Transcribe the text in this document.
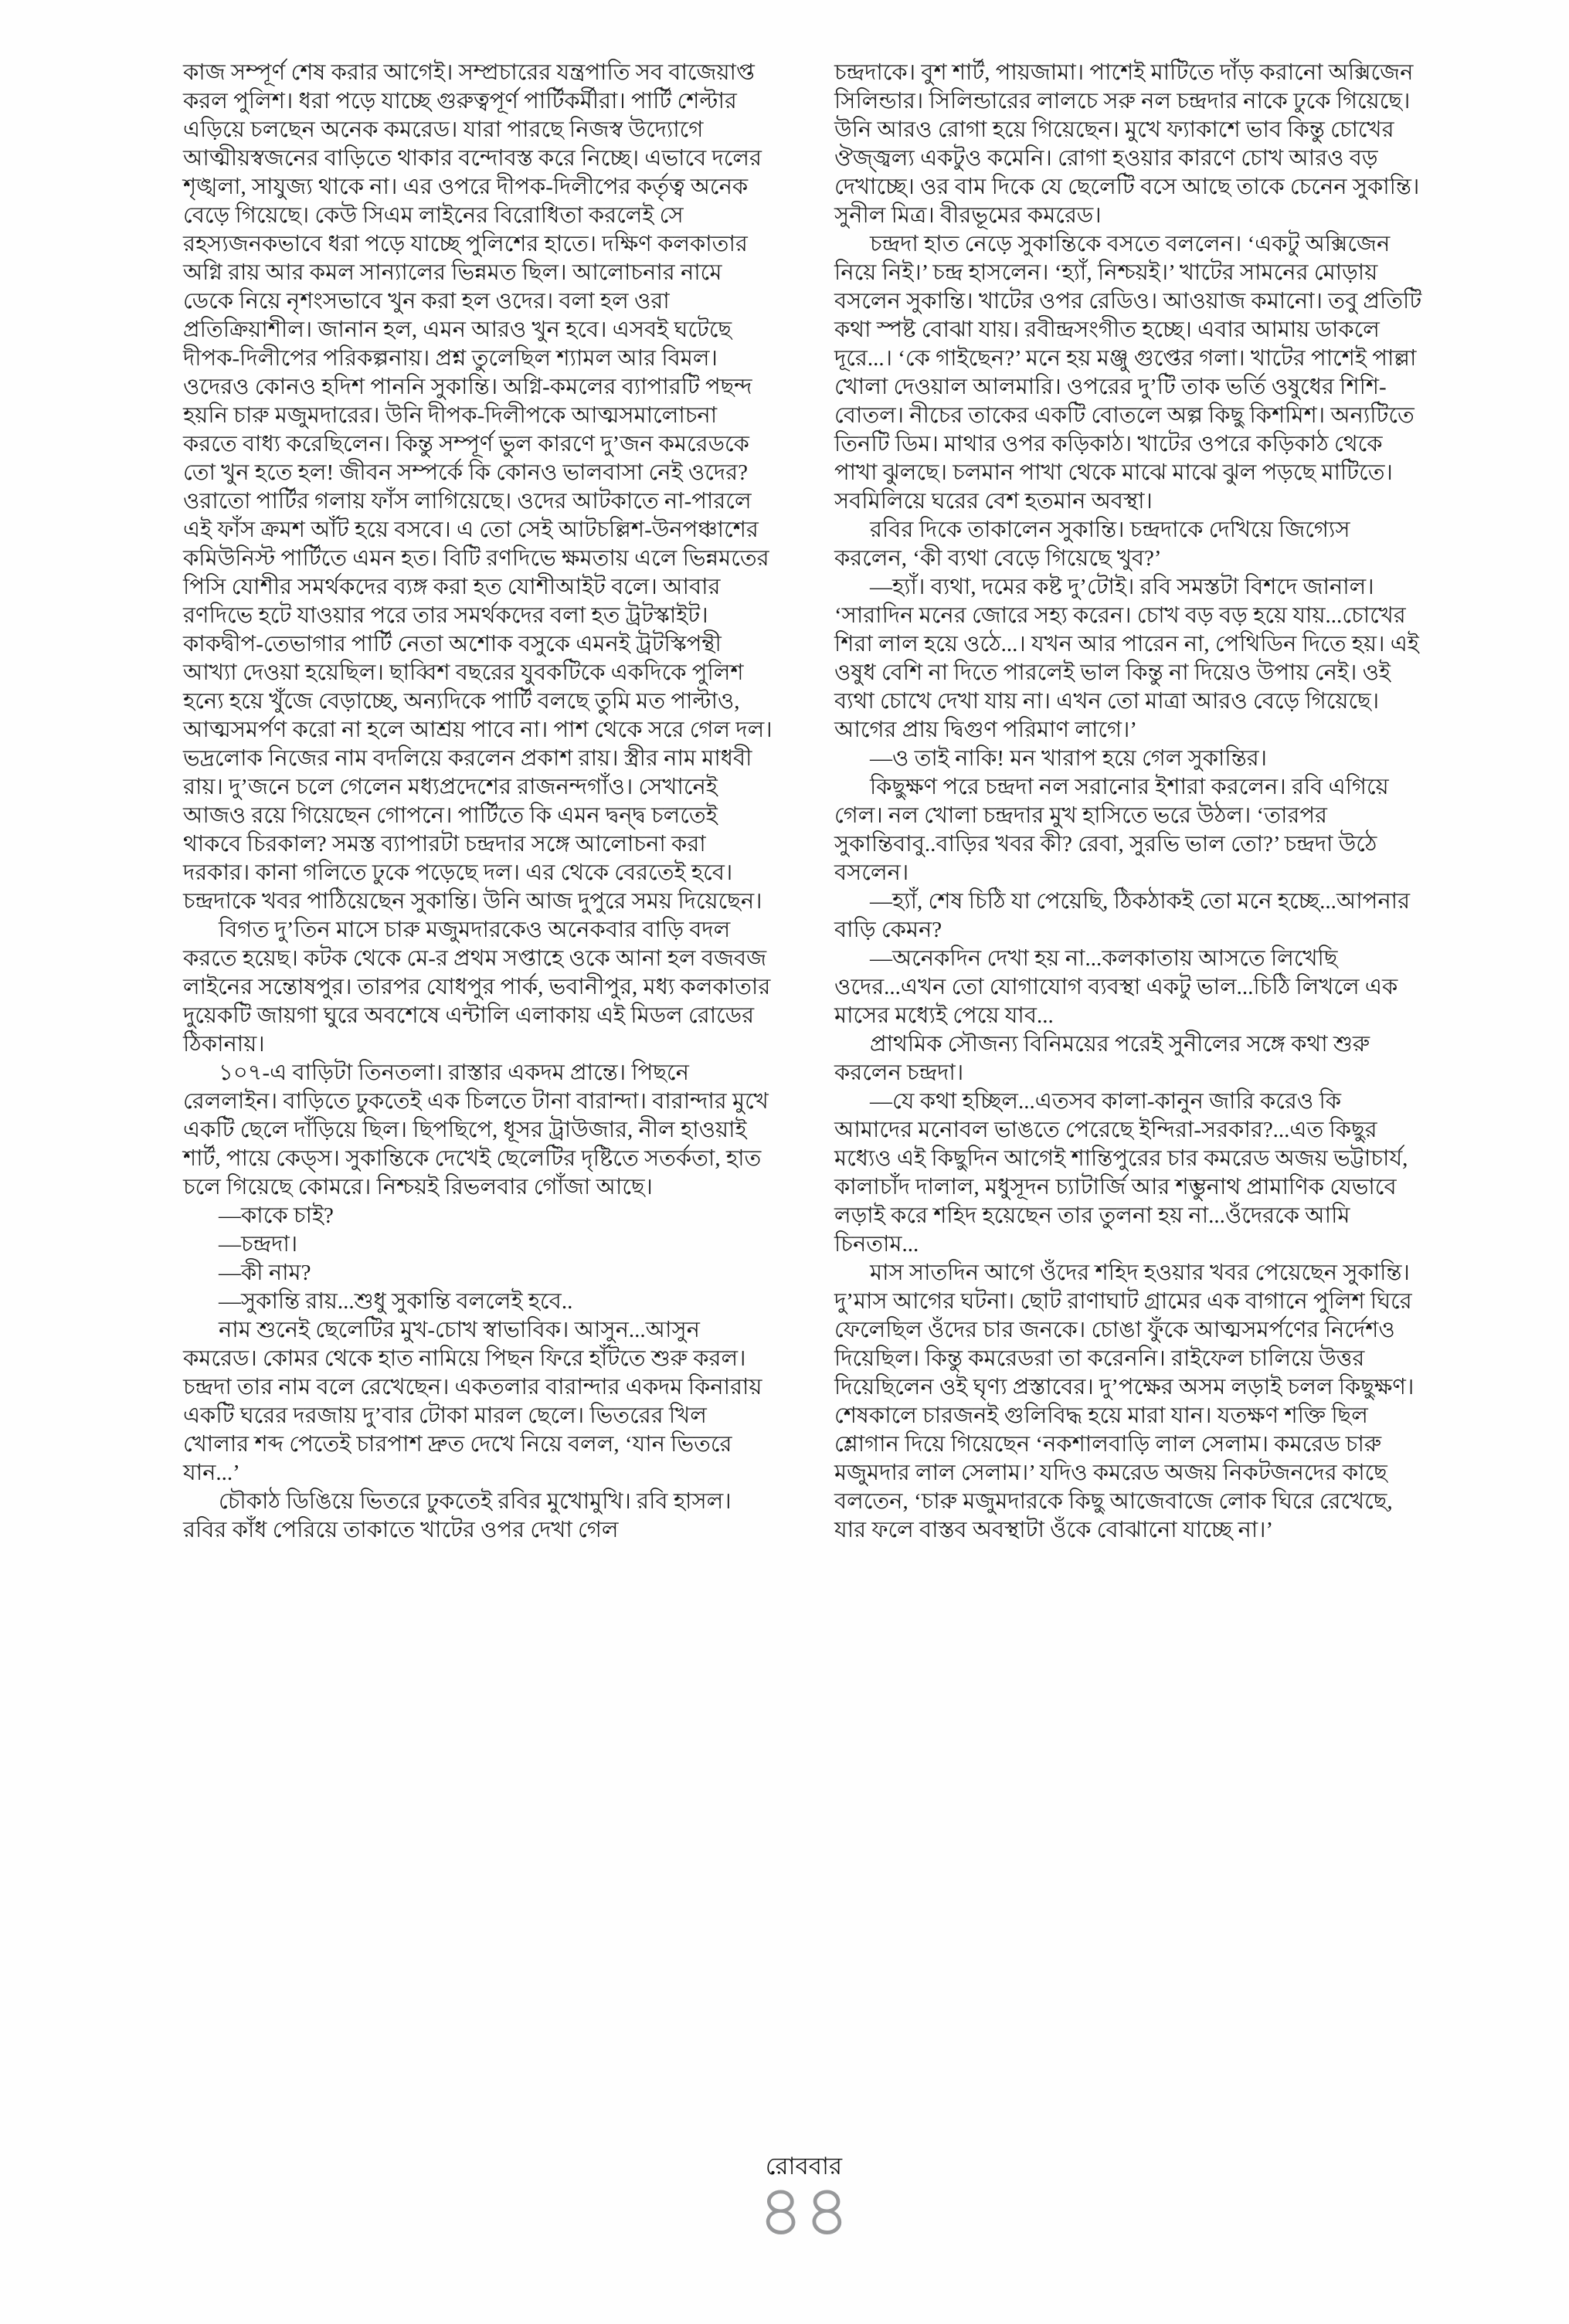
কাজ সম্পূর্ণ শেষ করার আগেই। সম্প্রচারের যন্ত্রপাতি সব বাজেয়াপ্ত করল পুলিশ। ধরা পড়ে যাচ্ছে গুরুত্বপূর্ণ পার্টিকর্মীরা। পার্টি শেল্টার এড়িয়ে চলছেন অনেক কমরেড। যারা পারছে নিজস্ব উদ্যোগে আত্মীয়স্বজনের বাড়িতে থাকার বন্দোবস্ত করে নিচ্ছে। এভাবে দলের শৃঙ্খলা, সাযুজ্য থাকে না। এর ওপরে দীপক-দিলীপের কর্তৃত্ব অনেক বেড়ে গিয়েছে। কেউ সিএম লাইনের বিরোধিতা করলেই সে রহস্যজনকভাবে ধরা পড়ে যাচ্ছে পুলিশের হাতে। দক্ষিণ কলকাতার অগ্নি রায় আর কমল সান্যালের ভিন্নমত ছিল। আলোচনার নামে ডেকে নিয়ে নৃশংসভাবে খুন করা হল ওদের। বলা হল ওরা প্রতিক্রিয়াশীল। জানান হল, এমন আরও খুন হবে। এসবই ঘটেছে দীপক-দিলীপের পরিকল্পনায়। প্রশ্ন তুলেছিল শ্যামল আর বিমল। ওদেরও কোনও হদিশ পাননি সুকান্তি। অগ্নি-কমলের ব্যাপারটি পছন্দ হয়নি চারু মজুমদারের। উনি দীপক-দিলীপকে আত্মসমালোচনা করতে বাধ্য করেছিলেন। কিন্তু সম্পূর্ণ ভুল কারণে দু’জন কমরেডকে তো খুন হতে হল! জীবন সম্পর্কে কি কোনও ভালবাসা নেই ওদের? ওরাতো পার্টির গলায় ফাঁস লাগিয়েছে। ওদের আটকাতে না-পারলে এই ফাঁস ক্রমশ আঁট হয়ে বসবে। এ তো সেই আটচল্লিশ-উনপঞ্চাশের কমিউনিস্ট পার্টিতে এমন হত। বিটি রণদিভে ক্ষমতায় এলে ভিন্নমতের পিসি যোশীর সমর্থকদের ব্যঙ্গ করা হত যোশীআইট বলে। আবার রণদিভে হটে যাওয়ার পরে তার সমর্থকদের বলা হত ট্রটস্কাইট। কাকদ্বীপ-তেভাগার পার্টি নেতা অশোক বসুকে এমনই ট্রটস্কিপন্থী আখ্যা দেওয়া হয়েছিল। ছাব্বিশ বছরের যুবকটিকে একদিকে পুলিশ হন্যে হয়ে খুঁজে বেড়াচ্ছে, অন্যদিকে পার্টি বলছে তুমি মত পাল্টাও, আত্মসমর্পণ করো না হলে আশ্রয় পাবে না। পাশ থেকে সরে গেল দল। ভদ্রলোক নিজের নাম বদলিয়ে করলেন প্রকাশ রায়। স্ত্রীর নাম মাধবী রায়। দু’জনে চলে গেলেন মধ্যপ্রদেশের রাজনন্দগাঁও। সেখানেই আজও রয়ে গিয়েছেন গোপনে। পার্টিতে কি এমন দ্বন্দ্ব চলতেই থাকবে চিরকাল? সমস্ত ব্যাপারটা চন্দ্রদার সঙ্গে আলোচনা করা দরকার। কানা গলিতে ঢুকে পড়েছে দল। এর থেকে বেরতেই হবে। চন্দ্রদাকে খবর পাঠিয়েছেন সুকান্তি। উনি আজ দুপুরে সময় দিয়েছেন।

বিগত দু’তিন মাসে চারু মজুমদারকেও অনেকবার বাড়ি বদল করতে হয়েছ। কটক থেকে মে-র প্রথম সপ্তাহে ওকে আনা হল বজবজ লাইনের সন্তোষপুর। তারপর যোধপুর পার্ক, ভবানীপুর, মধ্য কলকাতার দুয়েকটি জায়গা ঘুরে অবশেষে এন্টালি এলাকায় এই মিডল রোডের ঠিকানায়।

১০৭-এ বাড়িটা তিনতলা। রাস্তার একদম প্রান্তে। পিছনে রেললাইন। বাড়িতে ঢুকতেই এক চিলতে টানা বারান্দা। বারান্দার মুখে একটি ছেলে দাঁড়িয়ে ছিল। ছিপছিপে, ধূসর ট্রাউজার, নীল হাওয়াই শার্ট, পায়ে কেড্‌স। সুকান্তিকে দেখেই ছেলেটির দৃষ্টিতে সতর্কতা, হাত চলে গিয়েছে কোমরে। নিশ্চয়ই রিভলবার গোঁজা আছে।

—কাকে চাই?

—চন্দ্রদা।

—কী নাম?

—সুকান্তি রায়...শুধু সুকান্তি বললেই হবে..

নাম শুনেই ছেলেটির মুখ-চোখ স্বাভাবিক। আসুন...আসুন কমরেড। কোমর থেকে হাত নামিয়ে পিছন ফিরে হাঁটতে শুরু করল। চন্দ্রদা তার নাম বলে রেখেছেন। একতলার বারান্দার একদম কিনারায় একটি ঘরের দরজায় দু’বার টোকা মারল ছেলে। ভিতরের খিল খোলার শব্দ পেতেই চারপাশ দ্রুত দেখে নিয়ে বলল, ‘যান ভিতরে যান...’

চৌকাঠ ডিঙিয়ে ভিতরে ঢুকতেই রবির মুখোমুখি। রবি হাসল। রবির কাঁধ পেরিয়ে তাকাতে খাটের ওপর দেখা গেল

চন্দ্রদাকে। বুশ শার্ট, পায়জামা। পাশেই মাটিতে দাঁড় করানো অক্সিজেন সিলিন্ডার। সিলিন্ডারের লালচে সরু নল চন্দ্রদার নাকে ঢুকে গিয়েছে। উনি আরও রোগা হয়ে গিয়েছেন। মুখে ফ্যাকাশে ভাব কিন্তু চোখের ঔজ্জ্বল্য একটুও কমেনি। রোগা হওয়ার কারণে চোখ আরও বড় দেখাচ্ছে। ওর বাম দিকে যে ছেলেটি বসে আছে তাকে চেনেন সুকান্তি। সুনীল মিত্র। বীরভূমের কমরেড।

চন্দ্রদা হাত নেড়ে সুকান্তিকে বসতে বললেন। ‘একটু অক্সিজেন নিয়ে নিই।’ চন্দ্র হাসলেন। ‘হ্যাঁ, নিশ্চয়ই।’ খাটের সামনের মোড়ায় বসলেন সুকান্তি। খাটের ওপর রেডিও। আওয়াজ কমানো। তবু প্রতিটি কথা স্পষ্ট বোঝা যায়। রবীন্দ্রসংগীত হচ্ছে। এবার আমায় ডাকলে দূরে...। ‘কে গাইছেন?’ মনে হয় মঞ্জু গুপ্তের গলা। খাটের পাশেই পাল্লা খোলা দেওয়াল আলমারি। ওপরের দু’টি তাক ভর্তি ওষুধের শিশি-বোতল। নীচের তাকের একটি বোতলে অল্প কিছু কিশমিশ। অন্যটিতে তিনটি ডিম। মাথার ওপর কড়িকাঠ। খাটের ওপরে কড়িকাঠ থেকে পাখা ঝুলছে। চলমান পাখা থেকে মাঝে মাঝে ঝুল পড়ছে মাটিতে। সবমিলিয়ে ঘরের বেশ হতমান অবস্থা।

রবির দিকে তাকালেন সুকান্তি। চন্দ্রদাকে দেখিয়ে জিগ্যেস করলেন, ‘কী ব্যথা বেড়ে গিয়েছে খুব?’

—হ্যাঁ। ব্যথা, দমের কষ্ট দু’টোই। রবি সমস্তটা বিশদে জানাল। ‘সারাদিন মনের জোরে সহ্য করেন। চোখ বড় বড় হয়ে যায়...চোখের শিরা লাল হয়ে ওঠে...। যখন আর পারেন না, পেথিডিন দিতে হয়। এই ওষুধ বেশি না দিতে পারলেই ভাল কিন্তু না দিয়েও উপায় নেই। ওই ব্যথা চোখে দেখা যায় না। এখন তো মাত্রা আরও বেড়ে গিয়েছে। আগের প্রায় দ্বিগুণ পরিমাণ লাগে।’

—ও তাই নাকি! মন খারাপ হয়ে গেল সুকান্তির।

কিছুক্ষণ পরে চন্দ্রদা নল সরানোর ইশারা করলেন। রবি এগিয়ে গেল। নল খোলা চন্দ্রদার মুখ হাসিতে ভরে উঠল। ‘তারপর সুকান্তিবাবু..বাড়ির খবর কী? রেবা, সুরভি ভাল তো?’ চন্দ্রদা উঠে বসলেন।

—হ্যাঁ, শেষ চিঠি যা পেয়েছি, ঠিকঠাকই তো মনে হচ্ছে...আপনার বাড়ি কেমন?

—অনেকদিন দেখা হয় না...কলকাতায় আসতে লিখেছি ওদের...এখন তো যোগাযোগ ব্যবস্থা একটু ভাল...চিঠি লিখলে এক মাসের মধ্যেই পেয়ে যাব...

প্রাথমিক সৌজন্য বিনিময়ের পরেই সুনীলের সঙ্গে কথা শুরু করলেন চন্দ্রদা।

—যে কথা হচ্ছিল...এতসব কালা-কানুন জারি করেও কি আমাদের মনোবল ভাঙতে পেরেছে ইন্দিরা-সরকার?...এত কিছুর মধ্যেও এই কিছুদিন আগেই শান্তিপুরের চার কমরেড অজয় ভট্টাচার্য, কালাচাঁদ দালাল, মধুসূদন চ্যাটার্জি আর শম্ভুনাথ প্রামাণিক যেভাবে লড়াই করে শহিদ হয়েছেন তার তুলনা হয় না...ওঁদেরকে আমি চিনতাম...

মাস সাতদিন আগে ওঁদের শহিদ হওয়ার খবর পেয়েছেন সুকান্তি। দু’মাস আগের ঘটনা। ছোট রাণাঘাট গ্রামের এক বাগানে পুলিশ ঘিরে ফেলেছিল ওঁদের চার জনকে। চোঙা ফুঁকে আত্মসমর্পণের নির্দেশও দিয়েছিল। কিন্তু কমরেডরা তা করেননি। রাইফেল চালিয়ে উত্তর দিয়েছিলেন ওই ঘৃণ্য প্রস্তাবের। দু’পক্ষের অসম লড়াই চলল কিছুক্ষণ। শেষকালে চারজনই গুলিবিদ্ধ হয়ে মারা যান। যতক্ষণ শক্তি ছিল শ্লোগান দিয়ে গিয়েছেন ‘নকশালবাড়ি লাল সেলাম। কমরেড চারু মজুমদার লাল সেলাম।’ যদিও কমরেড অজয় নিকটজনদের কাছে বলতেন, ‘চারু মজুমদারকে কিছু আজেবাজে লোক ঘিরে রেখেছে, যার ফলে বাস্তব অবস্থাটা ওঁকে বোঝানো যাচ্ছে না।’

রোববার
৪৪
